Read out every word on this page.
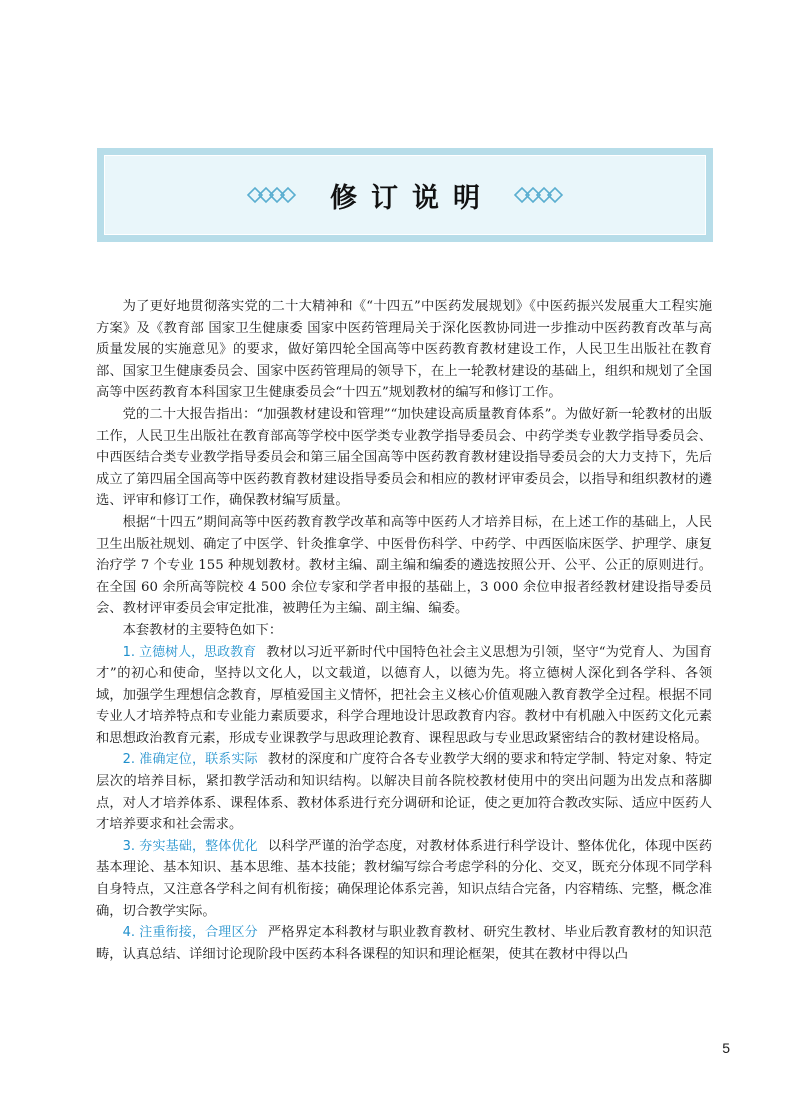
修订说明

为了更好地贯彻落实党的二十大精神和《“十四五”中医药发展规划》《中医药振兴发展重大工程实施方案》及《教育部 国家卫生健康委 国家中医药管理局关于深化医教协同进一步推动中医药教育改革与高质量发展的实施意见》的要求，做好第四轮全国高等中医药教育教材建设工作，人民卫生出版社在教育部、国家卫生健康委员会、国家中医药管理局的领导下，在上一轮教材建设的基础上，组织和规划了全国高等中医药教育本科国家卫生健康委员会“十四五”规划教材的编写和修订工作。

党的二十大报告指出：“加强教材建设和管理”“加快建设高质量教育体系”。为做好新一轮教材的出版工作，人民卫生出版社在教育部高等学校中医学类专业教学指导委员会、中药学类专业教学指导委员会、中西医结合类专业教学指导委员会和第三届全国高等中医药教育教材建设指导委员会的大力支持下，先后成立了第四届全国高等中医药教育教材建设指导委员会和相应的教材评审委员会，以指导和组织教材的遴选、评审和修订工作，确保教材编写质量。

根据“十四五”期间高等中医药教育教学改革和高等中医药人才培养目标，在上述工作的基础上，人民卫生出版社规划、确定了中医学、针灸推拿学、中医骨伤科学、中药学、中西医临床医学、护理学、康复治疗学 7 个专业 155 种规划教材。教材主编、副主编和编委的遴选按照公开、公平、公正的原则进行。在全国 60 余所高等院校 4 500 余位专家和学者申报的基础上，3 000 余位申报者经教材建设指导委员会、教材评审委员会审定批准，被聘任为主编、副主编、编委。

本套教材的主要特色如下：

1. 立德树人，思政教育 教材以习近平新时代中国特色社会主义思想为引领，坚守“为党育人、为国育才”的初心和使命，坚持以文化人，以文载道，以德育人，以德为先。将立德树人深化到各学科、各领域，加强学生理想信念教育，厚植爱国主义情怀，把社会主义核心价值观融入教育教学全过程。根据不同专业人才培养特点和专业能力素质要求，科学合理地设计思政教育内容。教材中有机融入中医药文化元素和思想政治教育元素，形成专业课教学与思政理论教育、课程思政与专业思政紧密结合的教材建设格局。

2. 准确定位，联系实际 教材的深度和广度符合各专业教学大纲的要求和特定学制、特定对象、特定层次的培养目标，紧扣教学活动和知识结构。以解决目前各院校教材使用中的突出问题为出发点和落脚点，对人才培养体系、课程体系、教材体系进行充分调研和论证，使之更加符合教改实际、适应中医药人才培养要求和社会需求。

3. 夯实基础，整体优化 以科学严谨的治学态度，对教材体系进行科学设计、整体优化，体现中医药基本理论、基本知识、基本思维、基本技能；教材编写综合考虑学科的分化、交叉，既充分体现不同学科自身特点，又注意各学科之间有机衔接；确保理论体系完善，知识点结合完备，内容精练、完整，概念准确，切合教学实际。

4. 注重衔接，合理区分 严格界定本科教材与职业教育教材、研究生教材、毕业后教育教材的知识范畴，认真总结、详细讨论现阶段中医药本科各课程的知识和理论框架，使其在教材中得以凸

5
